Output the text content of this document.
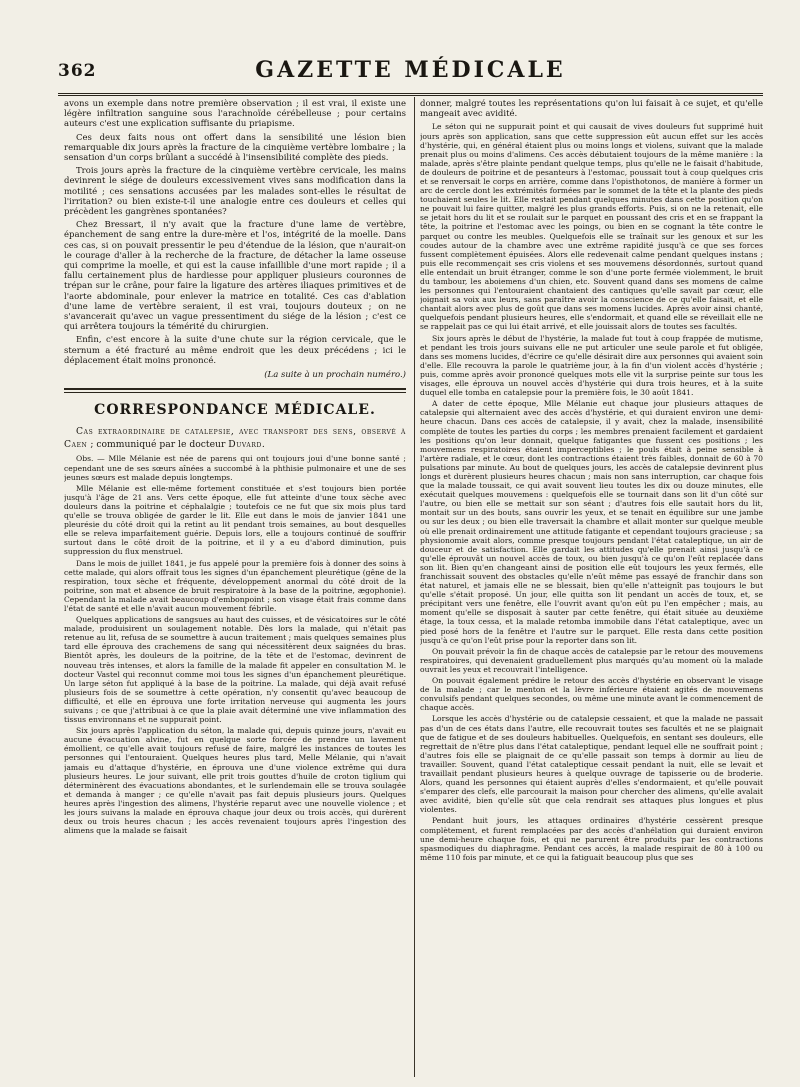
362	GAZETTE MÉDICALE

avons un exemple dans notre première observation ; il est vrai, il existe une légère infiltration sanguine sous l'arachnoïde cérébelleuse ; pour certains auteurs c'est une explication suffisante du priapisme.

Ces deux faits nous ont offert dans la sensibilité une lésion bien remarquable dix jours après la fracture de la cinquième vertèbre lombaire ; la sensation d'un corps brûlant a succédé à l'insensibilité complète des pieds.

Trois jours après la fracture de la cinquième vertèbre cervicale, les mains devinrent le siége de douleurs excessivement vives sans modification dans la motilité ; ces sensations accusées par les malades sont-elles le résultat de l'irritation? ou bien existe-t-il une analogie entre ces douleurs et celles qui précèdent les gangrènes spontanées?

Chez Bressart, il n'y avait que la fracture d'une lame de vertèbre, épanchement de sang entre la dure-mère et l'os, intégrité de la moelle. Dans ces cas, si on pouvait pressentir le peu d'étendue de la lésion, que n'aurait-on le courage d'aller à la recherche de la fracture, de détacher la lame osseuse qui comprime la moelle, et qui est la cause infaillible d'une mort rapide ; il a fallu certainement plus de hardiesse pour appliquer plusieurs couronnes de trépan sur le crâne, pour faire la ligature des artères iliaques primitives et de l'aorte abdominale, pour enlever la matrice en totalité. Ces cas d'ablation d'une lame de vertèbre seraient, il est vrai, toujours douteux ; on ne s'avancerait qu'avec un vague pressentiment du siége de la lésion ; c'est ce qui arrêtera toujours la témérité du chirurgien.

Enfin, c'est encore à la suite d'une chute sur la région cervicale, que le sternum a été fracturé au même endroit que les deux précédens ; ici le déplacement était moins prononcé.

(La suite à un prochain numéro.)
CORRESPONDANCE MÉDICALE.

Cas extraordinaire de catalepsie, avec transport des sens, observé à Caen ; communiqué par le docteur Duvard.

Obs. — Mlle Mélanie est née de parens qui ont toujours joui d'une bonne santé ; cependant une de ses sœurs aînées a succombé à la phthisie pulmonaire et une de ses jeunes sœurs est malade depuis longtemps.

Mlle Mélanie est elle-même fortement constituée et s'est toujours bien portée jusqu'à l'âge de 21 ans. Vers cette époque, elle fut atteinte d'une toux sèche avec douleurs dans la poitrine et céphalalgie ; toutefois ce ne fut que six mois plus tard qu'elle se trouva obligée de garder le lit. Elle eut dans le mois de janvier 1841 une pleurésie du côté droit qui la retint au lit pendant trois semaines, au bout desquelles elle se releva imparfaitement guérie. Depuis lors, elle a toujours continué de souffrir surtout dans le côté droit de la poitrine, et il y a eu d'abord diminution, puis suppression du flux menstruel.

Dans le mois de juillet 1841, je fus appelé pour la première fois à donner des soins à cette malade, qui alors offrait tous les signes d'un épanchement pleurétique (gêne de la respiration, toux sèche et fréquente, développement anormal du côté droit de la poitrine, son mat et absence de bruit respiratoire à la base de la poitrine, ægophonie). Cependant la malade avait beaucoup d'embonpoint ; son visage était frais comme dans l'état de santé et elle n'avait aucun mouvement fébrile.

Quelques applications de sangsues au haut des cuisses, et de vésicatoires sur le côté malade, produisirent un soulagement notable. Dès lors la malade, qui n'était pas retenue au lit, refusa de se soumettre à aucun traitement ; mais quelques semaines plus tard elle éprouva des crachemens de sang qui nécessitèrent deux saignées du bras. Bientôt après, les douleurs de la poitrine, de la tête et de l'estomac, devinrent de nouveau très intenses, et alors la famille de la malade fit appeler en consultation M. le docteur Vastel qui reconnut comme moi tous les signes d'un épanchement pleurétique. Un large séton fut appliqué à la base de la poitrine. La malade, qui déjà avait refusé plusieurs fois de se soumettre à cette opération, n'y consentit qu'avec beaucoup de difficulté, et elle en éprouva une forte irritation nerveuse qui augmenta les jours suivans ; ce que j'attribuai à ce que la plaie avait déterminé une vive inflammation des tissus environnans et ne suppurait point.

Six jours après l'application du séton, la malade qui, depuis quinze jours, n'avait eu aucune évacuation alvine, fut en quelque sorte forcée de prendre un lavement émollient, ce qu'elle avait toujours refusé de faire, malgré les instances de toutes les personnes qui l'entouraient. Quelques heures plus tard, Melle Mélanie, qui n'avait jamais eu d'attaque d'hystérie, en éprouva une d'une violence extrême qui dura plusieurs heures. Le jour suivant, elle prit trois gouttes d'huile de croton tiglium qui déterminèrent des évacuations abondantes, et le surlendemain elle se trouva soulagée et demanda à manger ; ce qu'elle n'avait pas fait depuis plusieurs jours. Quelques heures après l'ingestion des alimens, l'hystérie reparut avec une nouvelle violence ; et les jours suivans la malade en éprouva chaque jour deux ou trois accès, qui durèrent deux ou trois heures chacun ; les accès revenaient toujours après l'ingestion des alimens que la malade se faisait

donner, malgré toutes les représentations qu'on lui faisait à ce sujet, et qu'elle mangeait avec avidité.

Le séton qui ne suppurait point et qui causait de vives douleurs fut supprimé huit jours après son application, sans que cette suppression eût aucun effet sur les accès d'hystérie, qui, en général étaient plus ou moins longs et violens, suivant que la malade prenait plus ou moins d'alimens. Ces accès débutaient toujours de la même manière : la malade, après s'être plainte pendant quelque temps, plus qu'elle ne le faisait d'habitude, de douleurs de poitrine et de pesanteurs à l'estomac, poussait tout à coup quelques cris et se renversait le corps en arrière, comme dans l'opisthotonos, de manière à former un arc de cercle dont les extrémités formées par le sommet de la tête et la plante des pieds touchaient seules le lit. Elle restait pendant quelques minutes dans cette position qu'on ne pouvait lui faire quitter, malgré les plus grands efforts. Puis, si on ne la retenait, elle se jetait hors du lit et se roulait sur le parquet en poussant des cris et en se frappant la tête, la poitrine et l'estomac avec les poings, ou bien en se cognant la tête contre le parquet ou contre les meubles. Quelquefois elle se traînait sur les genoux et sur les coudes autour de la chambre avec une extrême rapidité jusqu'à ce que ses forces fussent complètement épuisées. Alors elle redevenait calme pendant quelques instans ; puis elle recommençait ses cris violens et ses mouvemens désordonnés, surtout quand elle entendait un bruit étranger, comme le son d'une porte fermée violemment, le bruit du tambour, les aboiemens d'un chien, etc. Souvent quand dans ses momens de calme les personnes qui l'entouraient chantaient des cantiques qu'elle savait par cœur, elle joignait sa voix aux leurs, sans paraître avoir la conscience de ce qu'elle faisait, et elle chantait alors avec plus de goût que dans ses momens lucides. Après avoir ainsi chanté, quelquefois pendant plusieurs heures, elle s'endormait, et quand elle se réveillait elle ne se rappelait pas ce qui lui était arrivé, et elle jouissait alors de toutes ses facultés.

Six jours après le début de l'hystérie, la malade fut tout à coup frappée de mutisme, et pendant les trois jours suivans elle ne put articuler une seule parole et fut obligée, dans ses momens lucides, d'écrire ce qu'elle désirait dire aux personnes qui avaient soin d'elle. Elle recouvra la parole le quatrième jour, à la fin d'un violent accès d'hystérie ; puis, comme après avoir prononcé quelques mots elle vit la surprise peinte sur tous les visages, elle éprouva un nouvel accès d'hystérie qui dura trois heures, et à la suite duquel elle tomba en catalepsie pour la première fois, le 30 août 1841.

A dater de cette époque, Mlle Mélanie eut chaque jour plusieurs attaques de catalepsie qui alternaient avec des accès d'hystérie, et qui duraient environ une demi-heure chacun. Dans ces accès de catalepsie, il y avait, chez la malade, insensibilité complète de toutes les parties du corps ; les membres prenaient facilement et gardaient les positions qu'on leur donnait, quelque fatigantes que fussent ces positions ; les mouvemens respiratoires étaient imperceptibles ; le pouls était à peine sensible à l'artère radiale, et le cœur, dont les contractions étaient très faibles, donnait de 60 à 70 pulsations par minute. Au bout de quelques jours, les accès de catalepsie devinrent plus longs et durèrent plusieurs heures chacun ; mais non sans interruption, car chaque fois que la malade toussait, ce qui avait souvent lieu toutes les dix ou douze minutes, elle exécutait quelques mouvemens : quelquefois elle se tournait dans son lit d'un côté sur l'autre, ou bien elle se mettait sur son séant ; d'autres fois elle sautait hors du lit, montait sur un des bouts, sans ouvrir les yeux, et se tenait en équilibre sur une jambe ou sur les deux ; ou bien elle traversait la chambre et allait monter sur quelque meuble où elle prenait ordinairement une attitude fatigante et cependant toujours gracieuse ; sa physionomie avait alors, comme presque toujours pendant l'état cataleptique, un air de douceur et de satisfaction. Elle gardait les attitudes qu'elle prenait ainsi jusqu'à ce qu'elle éprouvât un nouvel accès de toux, ou bien jusqu'à ce qu'on l'eût replacée dans son lit. Bien qu'en changeant ainsi de position elle eût toujours les yeux fermés, elle franchissait souvent des obstacles qu'elle n'eût même pas essayé de franchir dans son état naturel, et jamais elle ne se blessait, bien qu'elle n'atteignît pas toujours le but qu'elle s'était proposé. Un jour, elle quitta son lit pendant un accès de toux, et, se précipitant vers une fenêtre, elle l'ouvrit avant qu'on eût pu l'en empêcher ; mais, au moment qu'elle se disposait à sauter par cette fenêtre, qui était située au deuxième étage, la toux cessa, et la malade retomba immobile dans l'état cataleptique, avec un pied posé hors de la fenêtre et l'autre sur le parquet. Elle resta dans cette position jusqu'à ce qu'on l'eût prise pour la reporter dans son lit.

On pouvait prévoir la fin de chaque accès de catalepsie par le retour des mouvemens respiratoires, qui devenaient graduellement plus marqués qu'au moment où la malade ouvrait les yeux et recouvrait l'intelligence.

On pouvait également prédire le retour des accès d'hystérie en observant le visage de la malade ; car le menton et la lèvre inférieure étaient agités de mouvemens convulsifs pendant quelques secondes, ou même une minute avant le commencement de chaque accès.

Lorsque les accès d'hystérie ou de catalepsie cessaient, et que la malade ne passait pas d'un de ces états dans l'autre, elle recouvrait toutes ses facultés et ne se plaignait que de fatigue et de ses douleurs habituelles. Quelquefois, en sentant ses douleurs, elle regrettait de n'être plus dans l'état cataleptique, pendant lequel elle ne souffrait point ; d'autres fois elle se plaignait de ce qu'elle passait son temps à dormir au lieu de travailler. Souvent, quand l'état cataleptique cessait pendant la nuit, elle se levait et travaillait pendant plusieurs heures à quelque ouvrage de tapisserie ou de broderie. Alors, quand les personnes qui étaient auprès d'elles s'endormaient, et qu'elle pouvait s'emparer des clefs, elle parcourait la maison pour chercher des alimens, qu'elle avalait avec avidité, bien qu'elle sût que cela rendrait ses attaques plus longues et plus violentes.

Pendant huit jours, les attaques ordinaires d'hystérie cessèrent presque complètement, et furent remplacées par des accès d'anhélation qui duraient environ une demi-heure chaque fois, et qui ne parurent être produits par les contractions spasmodiques du diaphragme. Pendant ces accès, la malade respirait de 80 à 100 ou même 110 fois par minute, et ce qui la fatiguait beaucoup plus que ses
